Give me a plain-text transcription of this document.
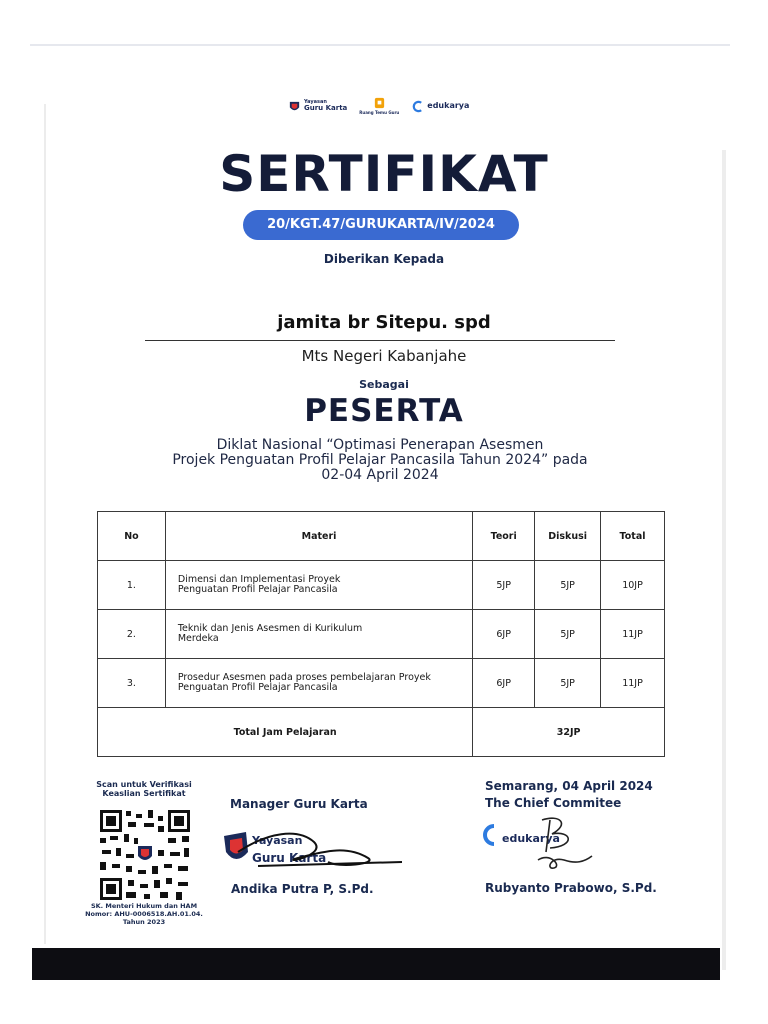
Yayasan
Guru Karta
Ruang Temu Guru
edukarya
SERTIFIKAT
20/KGT.47/GURUKARTA/IV/2024
Diberikan Kepada
jamita br Sitepu. spd
Mts Negeri Kabanjahe
Sebagai
PESERTA
Diklat Nasional “Optimasi Penerapan Asesmen
Projek Penguatan Profil Pelajar Pancasila Tahun 2024” pada
02-04 April 2024
No	Materi	Teori	Diskusi	Total
1.	Dimensi dan Implementasi Proyek
Penguatan Profil Pelajar Pancasila	5JP	5JP	10JP
2.	Teknik dan Jenis Asesmen di Kurikulum
Merdeka	6JP	5JP	11JP
3.	Prosedur Asesmen pada proses pembelajaran Proyek
Penguatan Profil Pelajar Pancasila	6JP	5JP	11JP
Total Jam Pelajaran		32JP		
Scan untuk Verifikasi
Keaslian Sertifikat
SK. Menteri Hukum dan HAM
Nomor: AHU-0006518.AH.01.04.
Tahun 2023
Manager Guru Karta
Yayasan
Guru Karta
Andika Putra P, S.Pd.
Semarang, 04 April 2024
The Chief Commitee
edukarya
Rubyanto Prabowo, S.Pd.
